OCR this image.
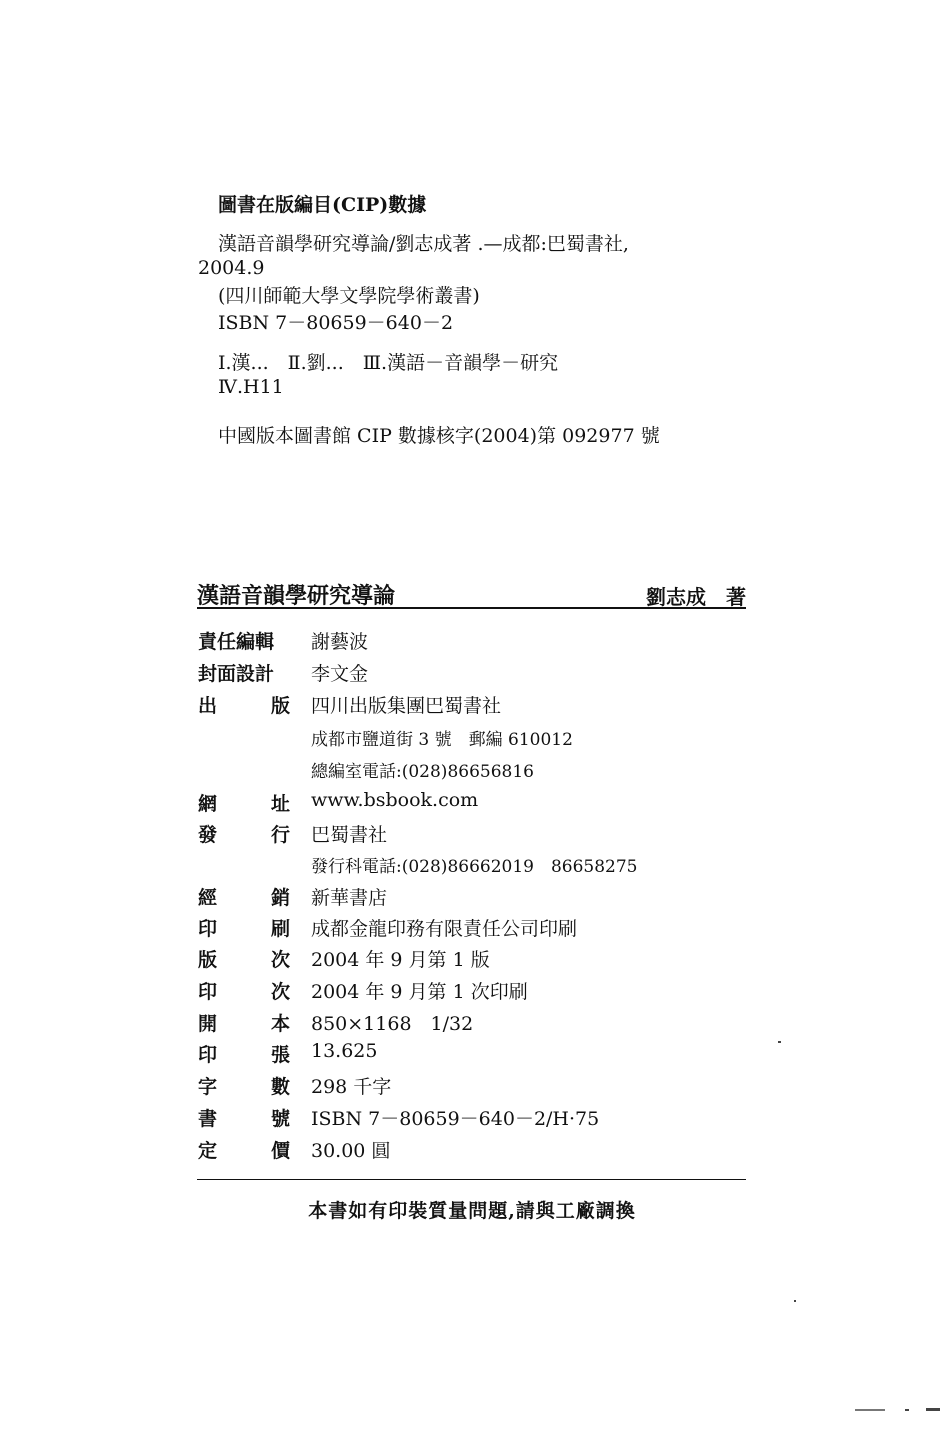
圖書在版編目(CIP)數據
漢語音韻學研究導論/劉志成著 .—成都:巴蜀書社,
2004.9
(四川師範大學文學院學術叢書)
ISBN 7－80659－640－2
Ⅰ.漢...　Ⅱ.劉...　Ⅲ.漢語－音韻學－研究
Ⅳ.H11
中國版本圖書館 CIP 數據核字(2004)第 092977 號
漢語音韻學研究導論	劉志成　著
責任編輯 謝藝波
封面設計 李文金
出	版 四川出版集團巴蜀書社
成都市鹽道街 3 號　郵編 610012
總編室電話:(028)86656816
網	址 www.bsbook.com
發	行 巴蜀書社
發行科電話:(028)86662019　86658275
經	銷 新華書店
印	刷 成都金龍印務有限責任公司印刷
版	次 2004 年 9 月第 1 版
印	次 2004 年 9 月第 1 次印刷
開	本 850×1168　1/32
印	張 13.625
字	數 298 千字
書	號 ISBN 7－80659－640－2/H·75
定	價 30.00 圓
本書如有印裝質量問題,請與工廠調換
